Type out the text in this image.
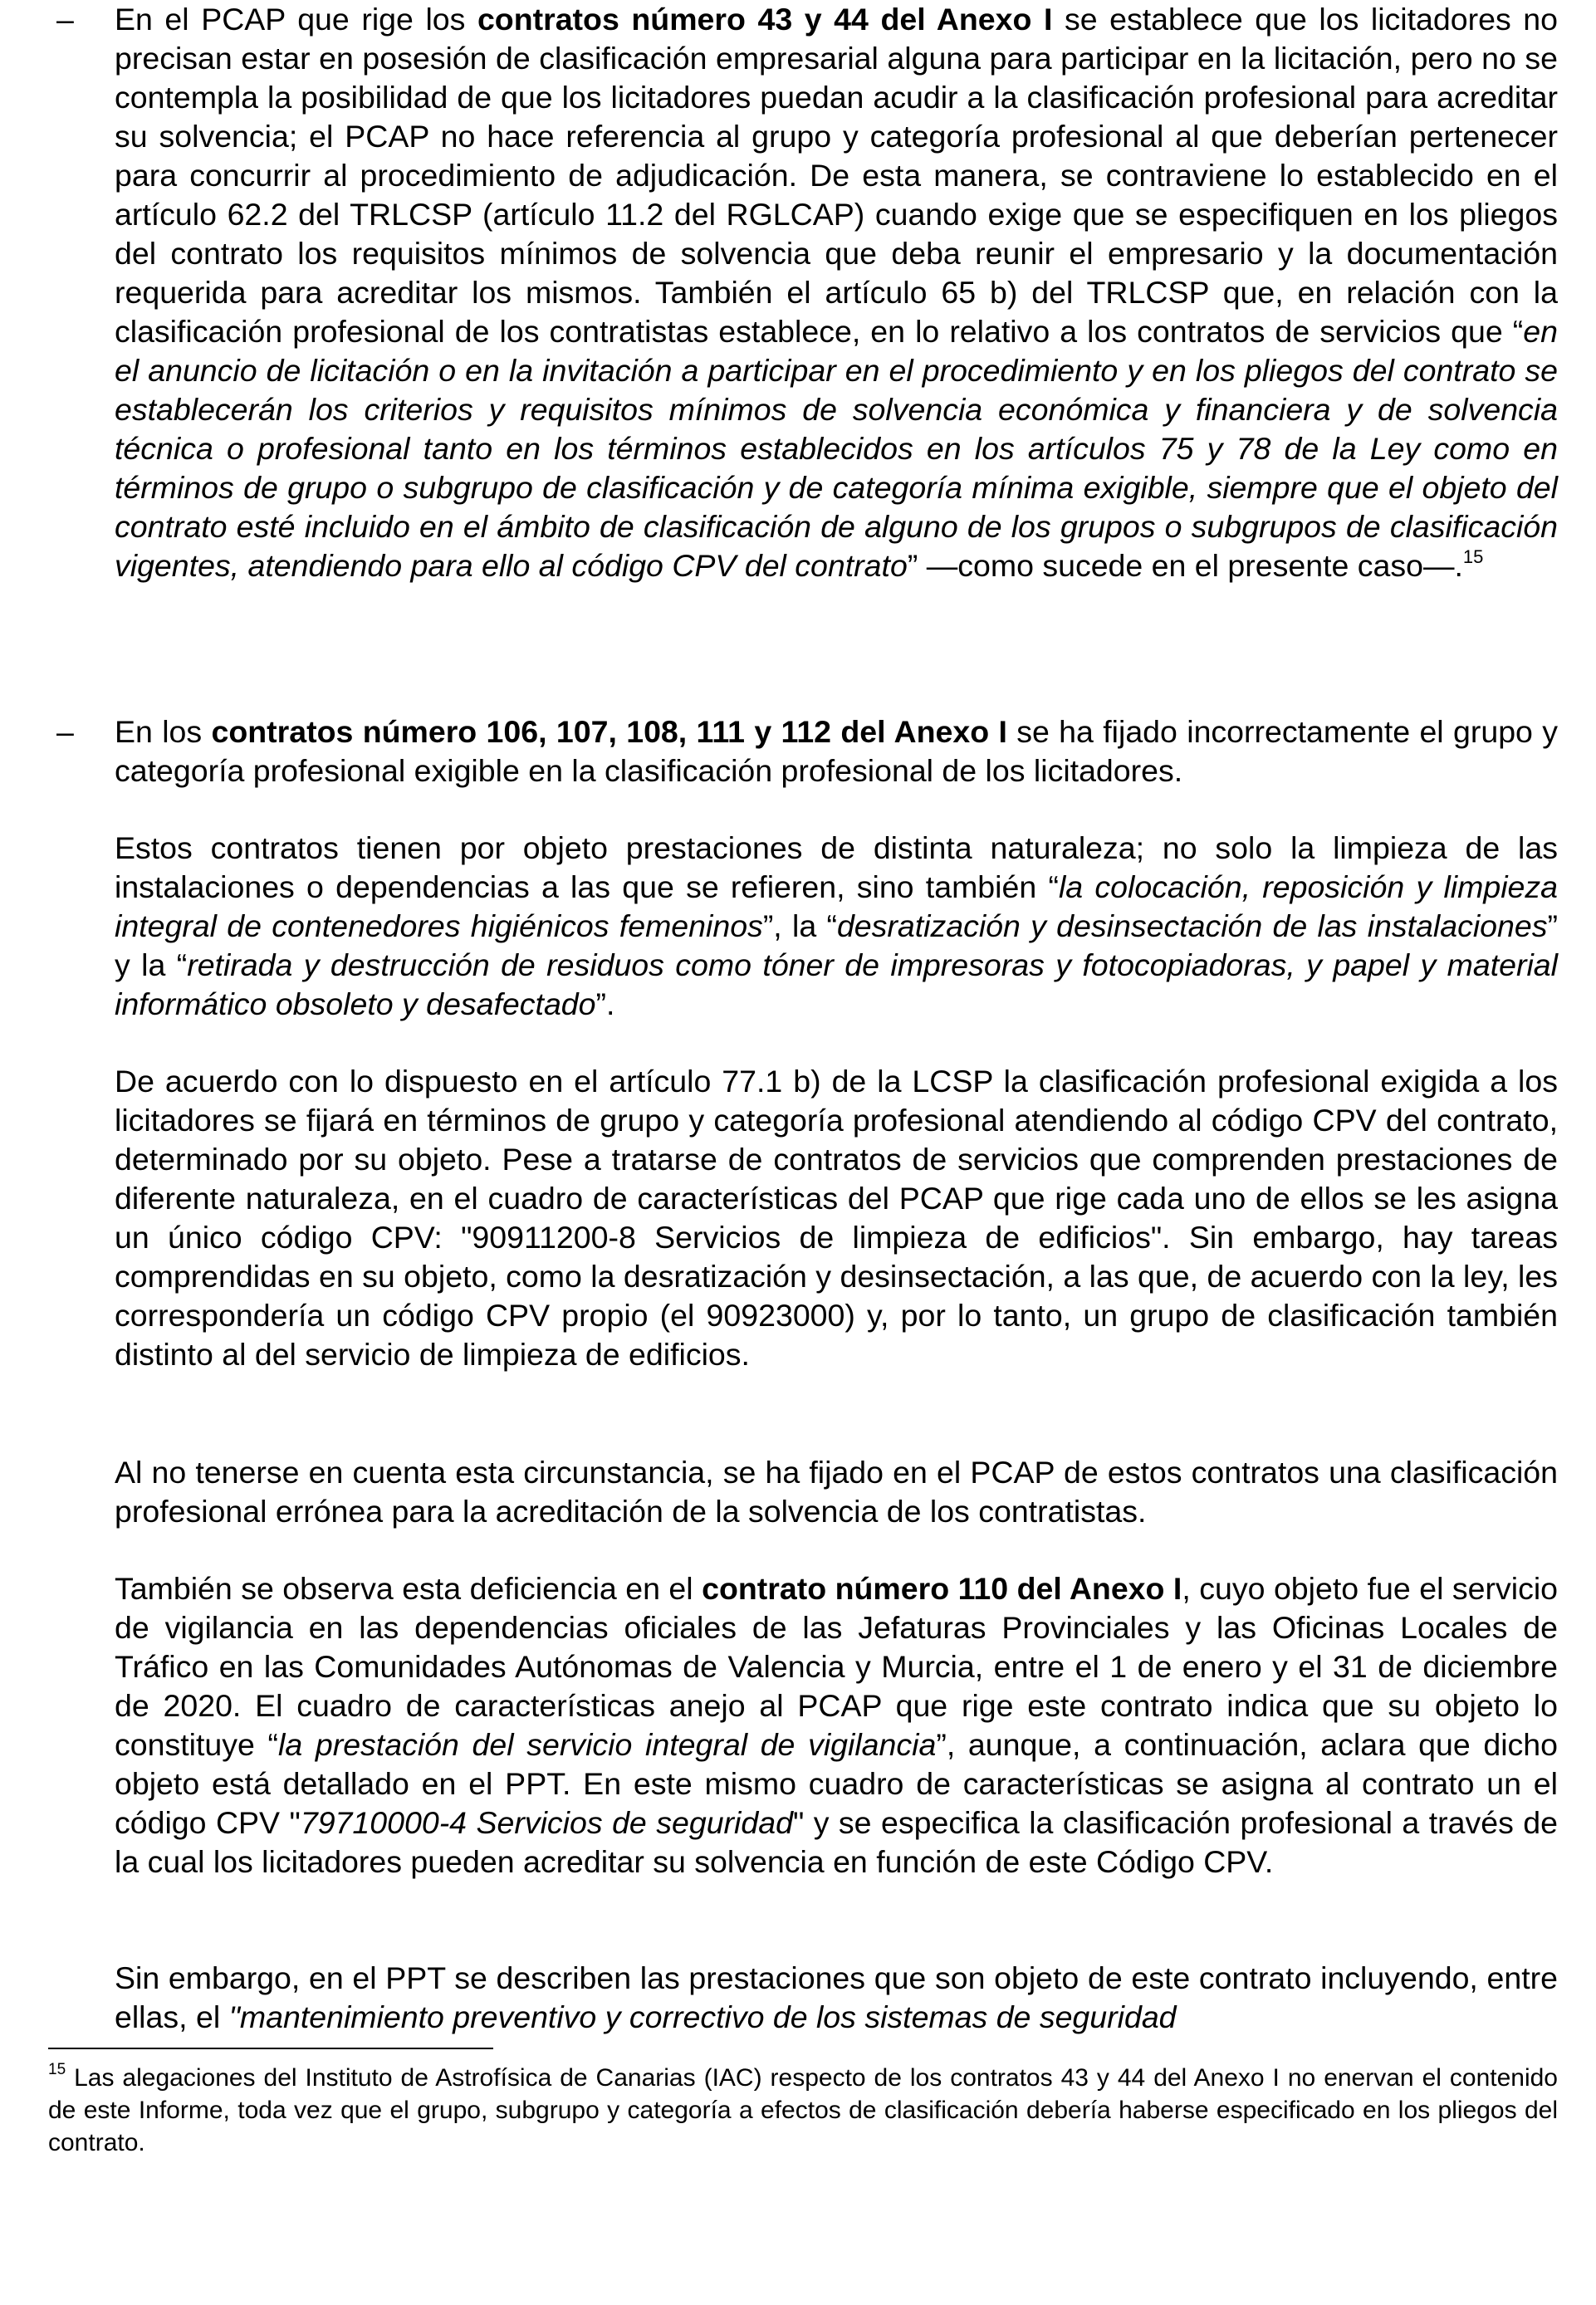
– En el PCAP que rige los contratos número 43 y 44 del Anexo I se establece que los licitadores no precisan estar en posesión de clasificación empresarial alguna para participar en la licitación, pero no se contempla la posibilidad de que los licitadores puedan acudir a la clasificación profesional para acreditar su solvencia; el PCAP no hace referencia al grupo y categoría profesional al que deberían pertenecer para concurrir al procedimiento de adjudicación. De esta manera, se contraviene lo establecido en el artículo 62.2 del TRLCSP (artículo 11.2 del RGLCAP) cuando exige que se especifiquen en los pliegos del contrato los requisitos mínimos de solvencia que deba reunir el empresario y la documentación requerida para acreditar los mismos. También el artículo 65 b) del TRLCSP que, en relación con la clasificación profesional de los contratistas establece, en lo relativo a los contratos de servicios que “en el anuncio de licitación o en la invitación a participar en el procedimiento y en los pliegos del contrato se establecerán los criterios y requisitos mínimos de solvencia económica y financiera y de solvencia técnica o profesional tanto en los términos establecidos en los artículos 75 y 78 de la Ley como en términos de grupo o subgrupo de clasificación y de categoría mínima exigible, siempre que el objeto del contrato esté incluido en el ámbito de clasificación de alguno de los grupos o subgrupos de clasificación vigentes, atendiendo para ello al código CPV del contrato” —como sucede en el presente caso—.$^{15}$

– En los contratos número 106, 107, 108, 111 y 112 del Anexo I se ha fijado incorrectamente el grupo y categoría profesional exigible en la clasificación profesional de los licitadores.

Estos contratos tienen por objeto prestaciones de distinta naturaleza; no solo la limpieza de las instalaciones o dependencias a las que se refieren, sino también “la colocación, reposición y limpieza integral de contenedores higiénicos femeninos”, la “desratización y desinsectación de las instalaciones” y la “retirada y destrucción de residuos como tóner de impresoras y fotocopiadoras, y papel y material informático obsoleto y desafectado”.

De acuerdo con lo dispuesto en el artículo 77.1 b) de la LCSP la clasificación profesional exigida a los licitadores se fijará en términos de grupo y categoría profesional atendiendo al código CPV del contrato, determinado por su objeto. Pese a tratarse de contratos de servicios que comprenden prestaciones de diferente naturaleza, en el cuadro de características del PCAP que rige cada uno de ellos se les asigna un único código CPV: "90911200-8 Servicios de limpieza de edificios". Sin embargo, hay tareas comprendidas en su objeto, como la desratización y desinsectación, a las que, de acuerdo con la ley, les correspondería un código CPV propio (el 90923000) y, por lo tanto, un grupo de clasificación también distinto al del servicio de limpieza de edificios.

Al no tenerse en cuenta esta circunstancia, se ha fijado en el PCAP de estos contratos una clasificación profesional errónea para la acreditación de la solvencia de los contratistas.

También se observa esta deficiencia en el contrato número 110 del Anexo I, cuyo objeto fue el servicio de vigilancia en las dependencias oficiales de las Jefaturas Provinciales y las Oficinas Locales de Tráfico en las Comunidades Autónomas de Valencia y Murcia, entre el 1 de enero y el 31 de diciembre de 2020. El cuadro de características anejo al PCAP que rige este contrato indica que su objeto lo constituye “la prestación del servicio integral de vigilancia”, aunque, a continuación, aclara que dicho objeto está detallado en el PPT. En este mismo cuadro de características se asigna al contrato un el código CPV "79710000-4 Servicios de seguridad" y se especifica la clasificación profesional a través de la cual los licitadores pueden acreditar su solvencia en función de este Código CPV.

Sin embargo, en el PPT se describen las prestaciones que son objeto de este contrato incluyendo, entre ellas, el "mantenimiento preventivo y correctivo de los sistemas de seguridad

$^{15}$ Las alegaciones del Instituto de Astrofísica de Canarias (IAC) respecto de los contratos 43 y 44 del Anexo I no enervan el contenido de este Informe, toda vez que el grupo, subgrupo y categoría a efectos de clasificación debería haberse especificado en los pliegos del contrato.
